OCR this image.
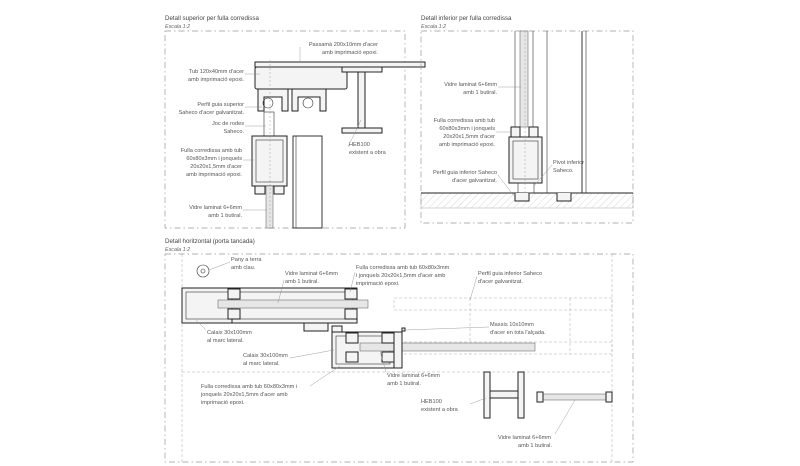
Detall superior per fulla corredissa
Escala 1:2
Passamà 200x10mm d'acer
amb imprimació epoxi.
Tub 120x40mm d'acer
amb imprimació epoxi.
Perfil guia superior
Saheco d'acer galvanitzat.
Joc de rodes
Saheco.
Fulla corredissa amb tub
60x80x3mm i jonquels
20x20x1,5mm d'acer
amb imprimació epoxi.
Vidre laminat 6+6mm
amb 1 butiral.
HEB100
existent a obra
Detall inferior per fulla corredissa
Escala 1:2
Vidre laminat 6+6mm
amb 1 butiral.
Fulla corredissa amb tub
60x80x3mm i jonquels
20x20x1,5mm d'acer
amb imprimació epoxi.
Perfil guia inferior Saheco
d'acer galvanitzat.
Pivot inferior
Saheco.
Detall horitzontal (porta tancada)
Escala 1:2
Pany a terra
amb clau.
Vidre laminat 6+6mm
amb 1 butiral.
Fulla corredissa amb tub 60x80x3mm
i jonquels 20x20x1,5mm d'acer amb
imprimació epoxi.
Perfil guia inferior Saheco
d'acer galvanitzat.
Calaix 30x100mm
al marc lateral.
Massís 10x10mm
d'acer en tota l'alçada.
Calaix 30x100mm
al marc lateral.
Fulla corredissa amb tub 60x80x3mm i
jonquels 20x20x1,5mm d'acer amb
imprimació epoxi.
Vidre laminat 6+6mm
amb 1 butiral.
HEB100
existent a obra
Vidre laminat 6+6mm
amb 1 butiral.
